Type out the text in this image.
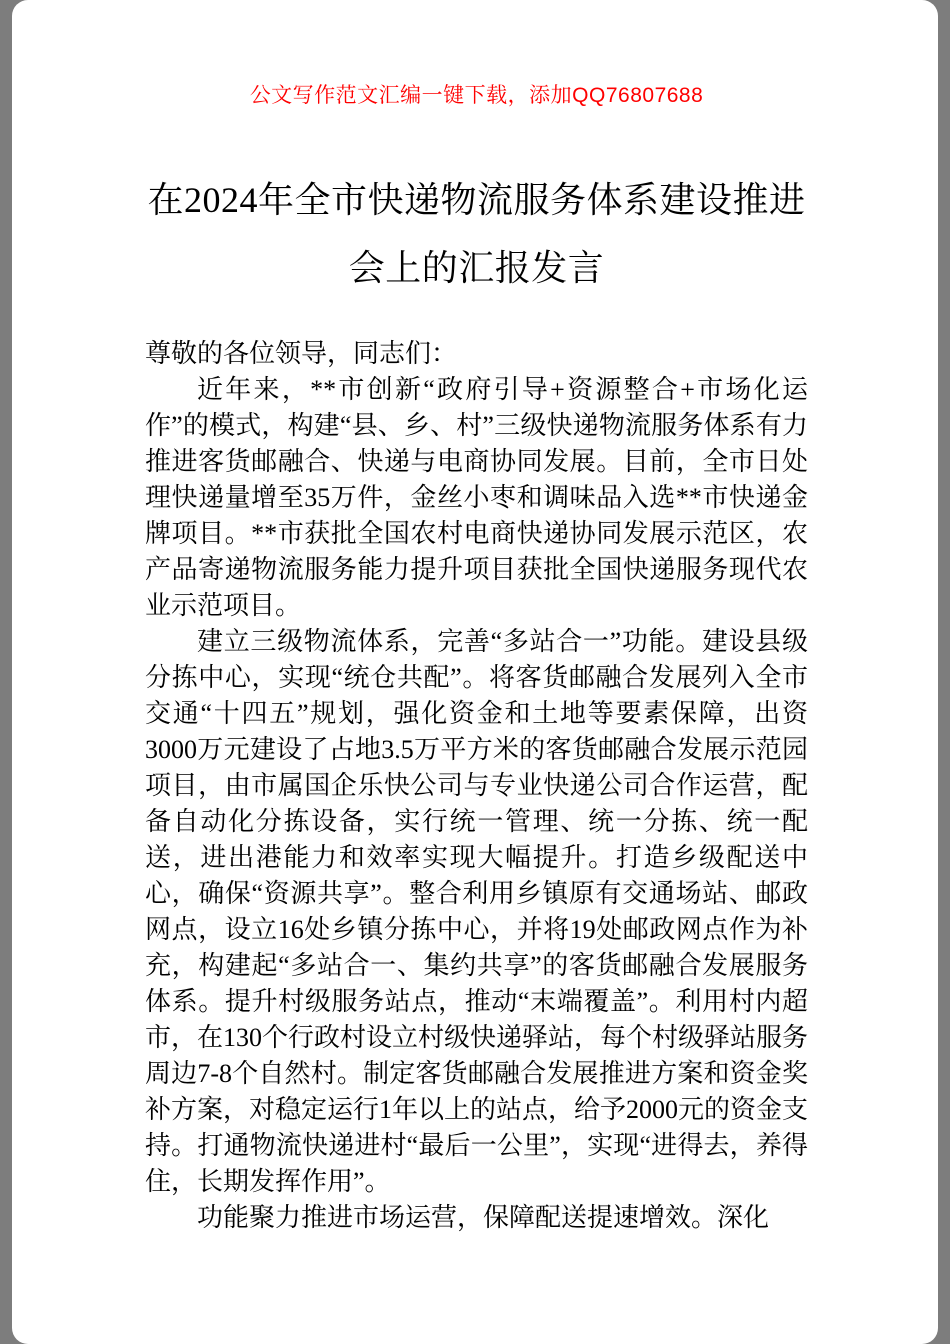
公文写作范文汇编一键下载，添加QQ76807688
在2024年全市快递物流服务体系建设推进
会上的汇报发言

尊敬的各位领导，同志们：

近年来，**市创新“政府引导+资源整合+市场化运作”的模式，构建“县、乡、村”三级快递物流服务体系有力推进客货邮融合、快递与电商协同发展。目前，全市日处理快递量增至35万件，金丝小枣和调味品入选**市快递金牌项目。**市获批全国农村电商快递协同发展示范区，农产品寄递物流服务能力提升项目获批全国快递服务现代农业示范项目。

建立三级物流体系，完善“多站合一”功能。建设县级分拣中心，实现“统仓共配”。将客货邮融合发展列入全市交通“十四五”规划，强化资金和土地等要素保障，出资3000万元建设了占地3.5万平方米的客货邮融合发展示范园项目，由市属国企乐快公司与专业快递公司合作运营，配备自动化分拣设备，实行统一管理、统一分拣、统一配送，进出港能力和效率实现大幅提升。打造乡级配送中心，确保“资源共享”。整合利用乡镇原有交通场站、邮政网点，设立16处乡镇分拣中心，并将19处邮政网点作为补充，构建起“多站合一、集约共享”的客货邮融合发展服务体系。提升村级服务站点，推动“末端覆盖”。利用村内超市，在130个行政村设立村级快递驿站，每个村级驿站服务周边7-8个自然村。制定客货邮融合发展推进方案和资金奖补方案，对稳定运行1年以上的站点，给予2000元的资金支持。打通物流快递进村“最后一公里”，实现“进得去，养得住，长期发挥作用”。

功能聚力推进市场运营，保障配送提速增效。深化
